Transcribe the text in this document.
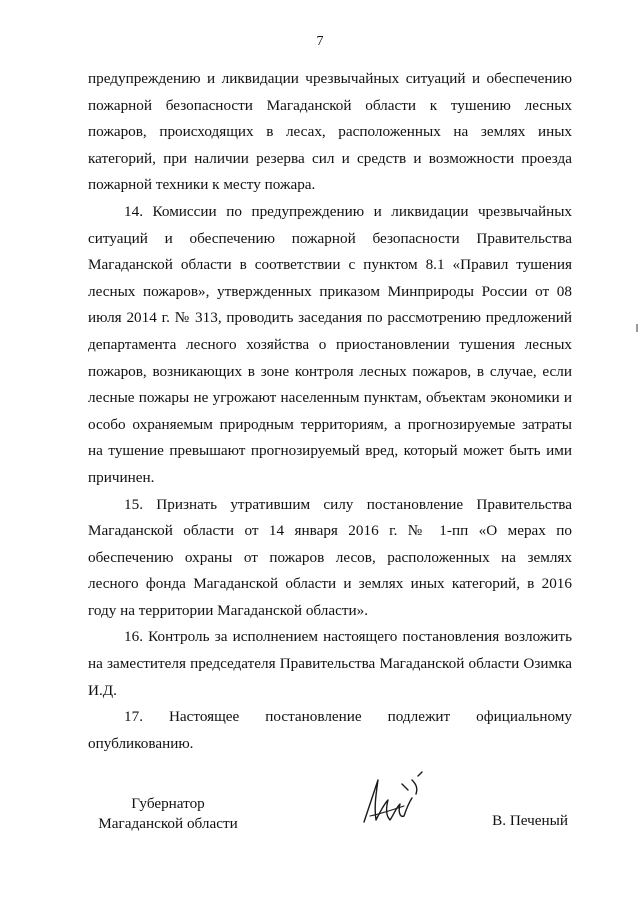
7

предупреждению и ликвидации чрезвычайных ситуаций и обеспечению пожарной безопасности Магаданской области к тушению лесных пожаров, происходящих в лесах, расположенных на землях иных категорий, при наличии резерва сил и средств и возможности проезда пожарной техники к месту пожара.

14. Комиссии по предупреждению и ликвидации чрезвычайных ситуаций и обеспечению пожарной безопасности Правительства Магаданской области в соответствии с пунктом 8.1 «Правил тушения лесных пожаров», утвержденных приказом Минприроды России от 08 июля 2014 г. № 313, проводить заседания по рассмотрению предложений департамента лесного хозяйства о приостановлении тушения лесных пожаров, возникающих в зоне контроля лесных пожаров, в случае, если лесные пожары не угрожают населенным пунктам, объектам экономики и особо охраняемым природным территориям, а прогнозируемые затраты на тушение превышают прогнозируемый вред, который может быть ими причинен.

15. Признать утратившим силу постановление Правительства Магаданской области от 14 января 2016 г. № 1-пп «О мерах по обеспечению охраны от пожаров лесов, расположенных на землях лесного фонда Магаданской области и землях иных категорий, в 2016 году на территории Магаданской области».

16. Контроль за исполнением настоящего постановления возложить на заместителя председателя Правительства Магаданской области Озимка И.Д.

17. Настоящее постановление подлежит официальному опубликованию.

Губернатор
Магаданской области	В. Печеный
